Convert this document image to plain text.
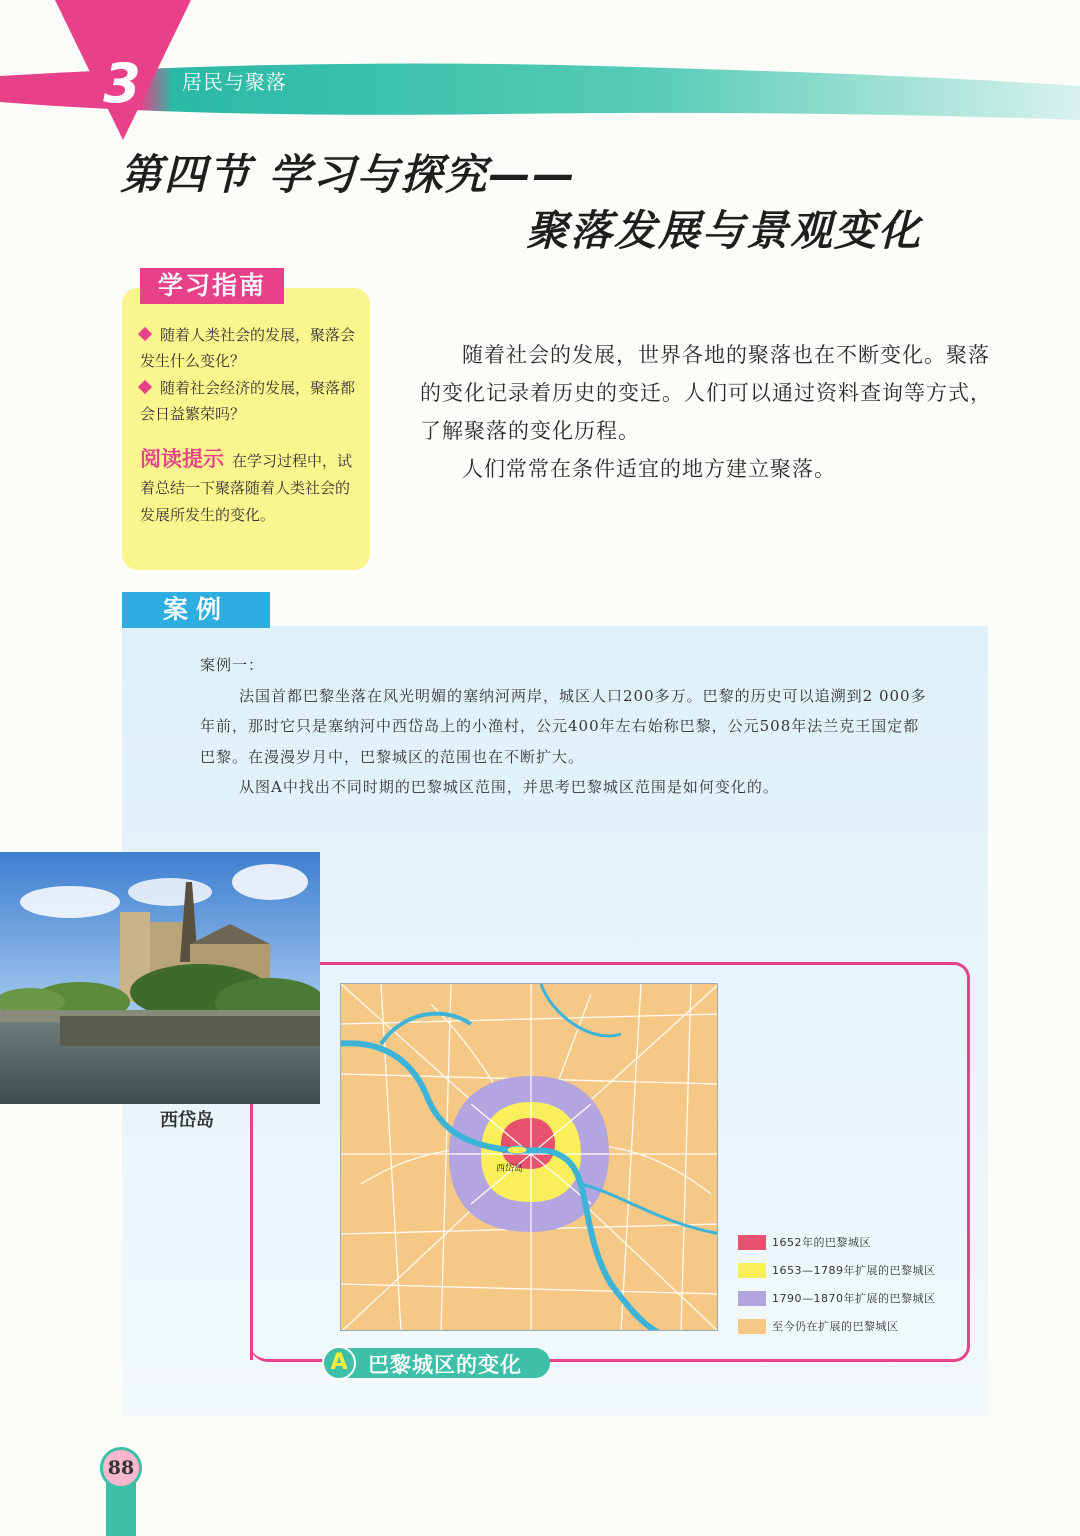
3 居民与聚落
第四节 学习与探究——
聚落发展与景观变化
学习指南
随着人类社会的发展，聚落会发生什么变化？
随着社会经济的发展，聚落都会日益繁荣吗？
阅读提示 在学习过程中，试着总结一下聚落随着人类社会的发展所发生的变化。

随着社会的发展，世界各地的聚落也在不断变化。聚落的变化记录着历史的变迁。人们可以通过资料查询等方式，了解聚落的变化历程。

人们常常在条件适宜的地方建立聚落。

案例

案例一：

法国首都巴黎坐落在风光明媚的塞纳河两岸，城区人口200多万。巴黎的历史可以追溯到2 000多年前，那时它只是塞纳河中西岱岛上的小渔村，公元400年左右始称巴黎，公元508年法兰克王国定都巴黎。在漫漫岁月中，巴黎城区的范围也在不断扩大。

从图A中找出不同时期的巴黎城区范围，并思考巴黎城区范围是如何变化的。

西岱岛
西岱岛
1652年的巴黎城区
1653—1789年扩展的巴黎城区
1790—1870年扩展的巴黎城区
至今仍在扩展的巴黎城区
A 巴黎城区的变化
88
